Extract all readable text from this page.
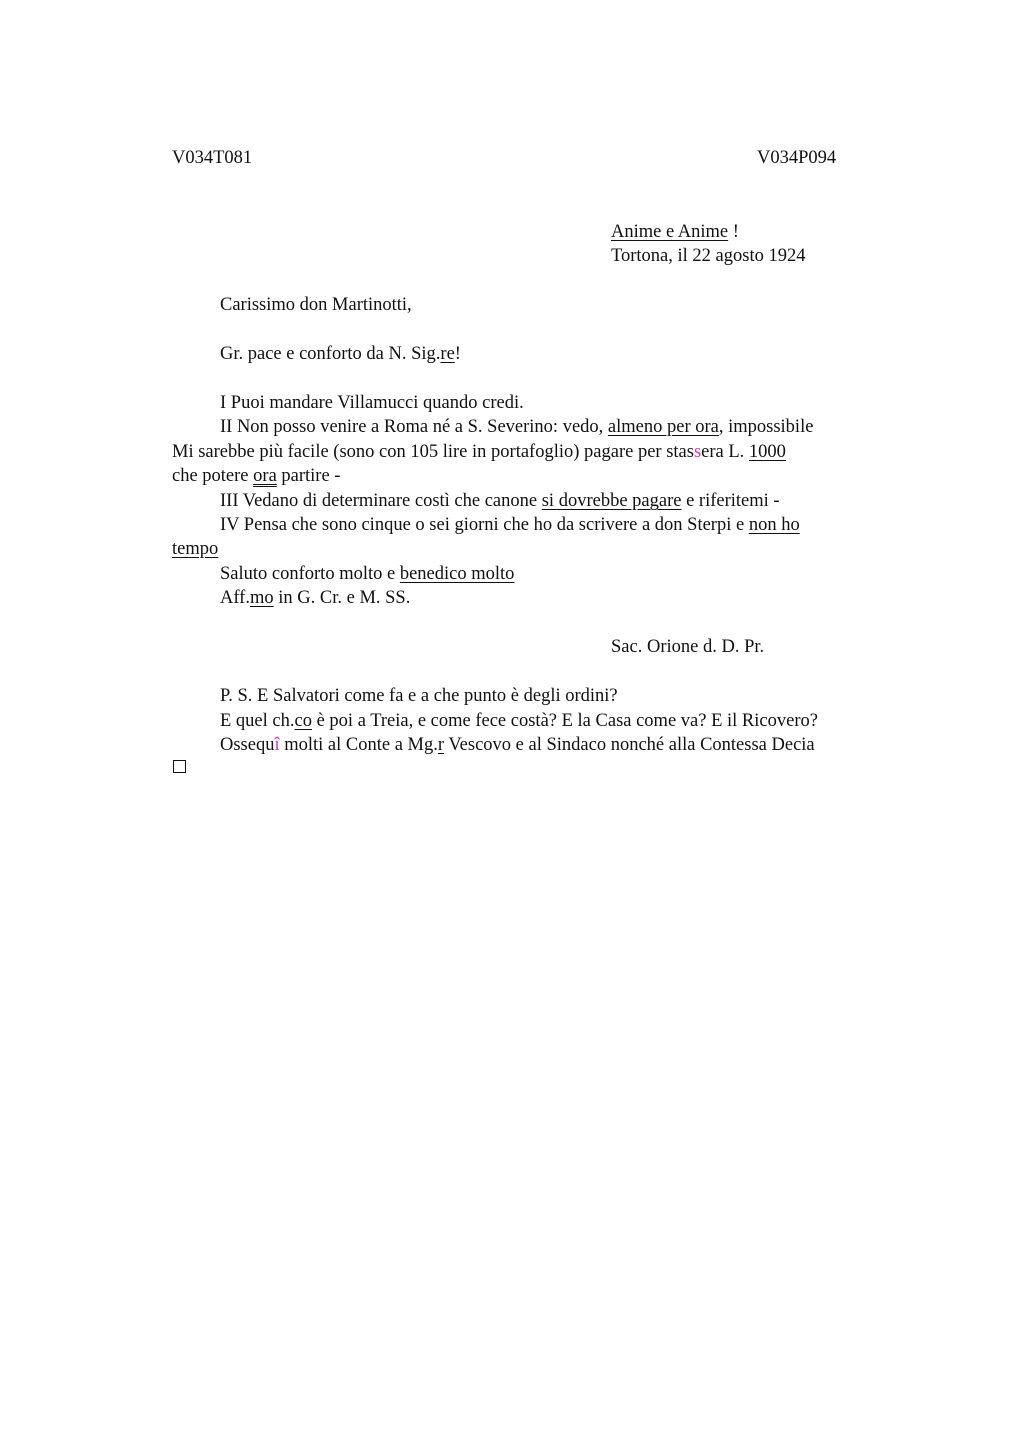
V034T081	V034P094
Anime e Anime !
Tortona, il 22 agosto 1924
Carissimo don Martinotti,
Gr. pace e conforto da N. Sig.re!
I Puoi mandare Villamucci quando credi.
II Non posso venire a Roma né a S. Severino: vedo, almeno per ora, impossibile
Mi sarebbe più facile (sono con 105 lire in portafoglio) pagare per stassera L. 1000
che potere ora partire -
III Vedano di determinare costì che canone si dovrebbe pagare e riferitemi -
IV Pensa che sono cinque o sei giorni che ho da scrivere a don Sterpi e non ho
tempo
Saluto conforto molto e benedico molto
Aff.mo in G. Cr. e M. SS.
Sac. Orione d. D. Pr.
P. S. E Salvatori come fa e a che punto è degli ordini?
E quel ch.co è poi a Treia, e come fece costà? E la Casa come va? E il Ricovero?
Ossequî molti al Conte a Mg.r Vescovo e al Sindaco nonché alla Contessa Decia
